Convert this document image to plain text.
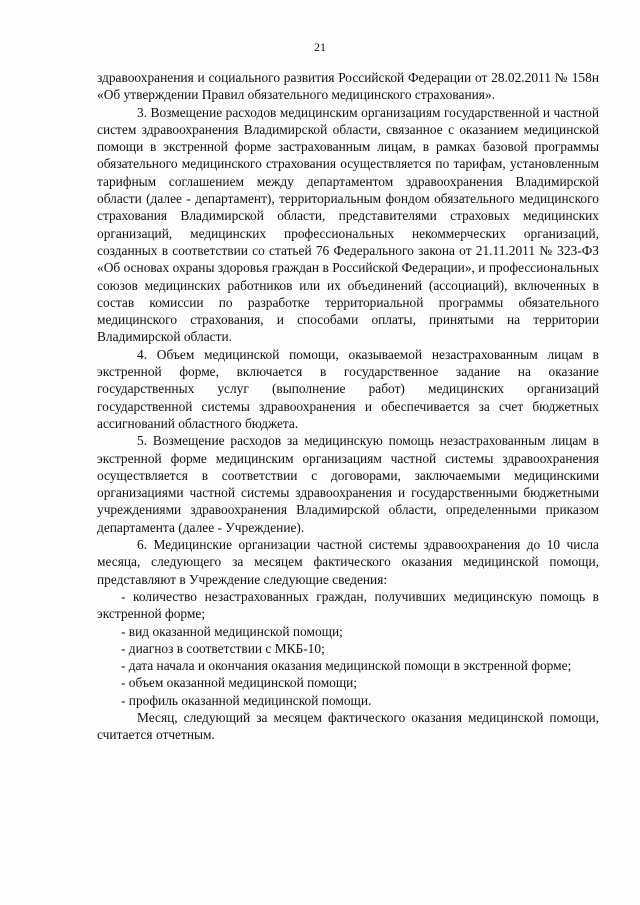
21

здравоохранения и социального развития Российской Федерации от 28.02.2011 № 158н «Об утверждении Правил обязательного медицинского страхования».

3. Возмещение расходов медицинским организациям государственной и частной систем здравоохранения Владимирской области, связанное с оказанием медицинской помощи в экстренной форме застрахованным лицам, в рамках базовой программы обязательного медицинского страхования осуществляется по тарифам, установленным тарифным соглашением между департаментом здравоохранения Владимирской области (далее - департамент), территориальным фондом обязательного медицинского страхования Владимирской области, представителями страховых медицинских организаций, медицинских профессиональных некоммерческих организаций, созданных в соответствии со статьей 76 Федерального закона от 21.11.2011 № 323-ФЗ «Об основах охраны здоровья граждан в Российской Федерации», и профессиональных союзов медицинских работников или их объединений (ассоциаций), включенных в состав комиссии по разработке территориальной программы обязательного медицинского страхования, и способами оплаты, принятыми на территории Владимирской области.

4. Объем медицинской помощи, оказываемой незастрахованным лицам в экстренной форме, включается в государственное задание на оказание государственных услуг (выполнение работ) медицинских организаций государственной системы здравоохранения и обеспечивается за счет бюджетных ассигнований областного бюджета.

5. Возмещение расходов за медицинскую помощь незастрахованным лицам в экстренной форме медицинским организациям частной системы здравоохранения осуществляется в соответствии с договорами, заключаемыми медицинскими организациями частной системы здравоохранения и государственными бюджетными учреждениями здравоохранения Владимирской области, определенными приказом департамента (далее - Учреждение).

6. Медицинские организации частной системы здравоохранения до 10 числа месяца, следующего за месяцем фактического оказания медицинской помощи, представляют в Учреждение следующие сведения:

- количество незастрахованных граждан, получивших медицинскую помощь в экстренной форме;

- вид оказанной медицинской помощи;

- диагноз в соответствии с МКБ-10;

- дата начала и окончания оказания медицинской помощи в экстренной форме;

- объем оказанной медицинской помощи;

- профиль оказанной медицинской помощи.

Месяц, следующий за месяцем фактического оказания медицинской помощи, считается отчетным.
